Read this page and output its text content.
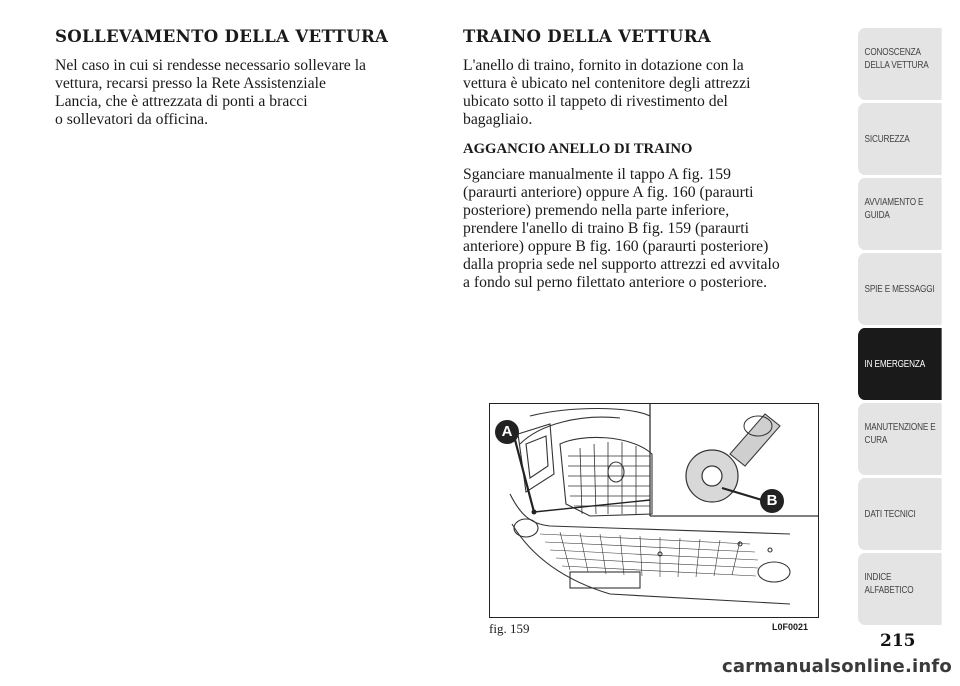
SOLLEVAMENTO DELLA VETTURA

Nel caso in cui si rendesse necessario sollevare la
vettura, recarsi presso la Rete Assistenziale
Lancia, che è attrezzata di ponti a bracci
o sollevatori da officina.

TRAINO DELLA VETTURA

L'anello di traino, fornito in dotazione con la
vettura è ubicato nel contenitore degli attrezzi
ubicato sotto il tappeto di rivestimento del
bagagliaio.

AGGANCIO ANELLO DI TRAINO

Sganciare manualmente il tappo A fig. 159
(paraurti anteriore) oppure A fig. 160 (paraurti
posteriore) premendo nella parte inferiore,
prendere l'anello di traino B fig. 159 (paraurti
anteriore) oppure B fig. 160 (paraurti posteriore)
dalla propria sede nel supporto attrezzi ed avvitalo
a fondo sul perno filettato anteriore o posteriore.

A
B
fig. 159	L0F0021
CONOSCENZA
DELLA VETTURA
SICUREZZA
AVVIAMENTO E
GUIDA
SPIE E MESSAGGI
IN EMERGENZA
MANUTENZIONE E
CURA
DATI TECNICI
INDICE
ALFABETICO
215
carmanualsonline.info
